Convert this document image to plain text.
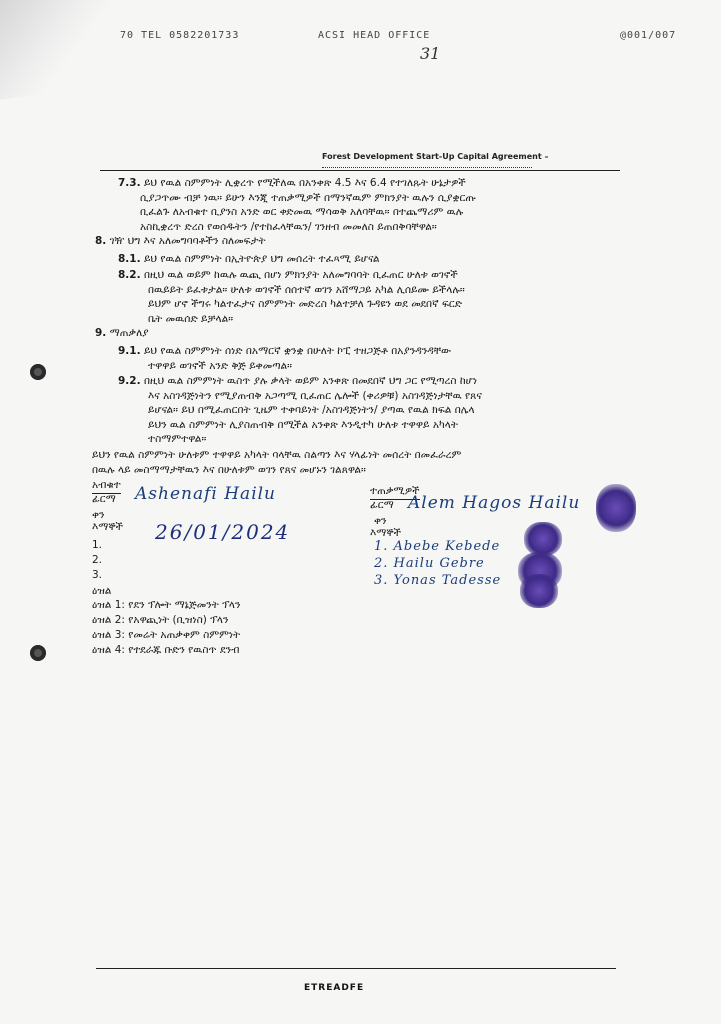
70 TEL 0582201733	ACSI HEAD OFFICE	@001/007
31
Forest Development Start-Up Capital Agreement –
7.3. ይህ የዉል ስምምነት ሊቋረጥ የሚችለዉ በአንቀጽ 4.5 እና 6.4 የተገለጹት ሁኔታዎች
ሲያጋጥሙ ብቻ ነዉ። ይሁን እንጂ ተጠቃሚዎች በማንኛዉም ምክንያት ዉሉን ሲያቋርጡ
ቢፈልጉ ለአብቁተ ቢያንስ አንድ ወር ቀድመዉ ማሳወቅ አለባቸዉ። በተጨማሪም ዉሉ
አስኪቋረጥ ድረስ የወሰዱትን /የተከፈላቸዉን/ ገንዘብ መመለስ ይጠበቅባቸዋል።
8. ገዥ ህግ እና አለመግባባቶችን ስለመፍታት
8.1. ይህ የዉል ስምምነት በኢትዮጵያ ህግ መሰረት ተፈጻሚ ይሆናል
8.2. በዚህ ዉል ወይም ከዉሉ ዉጪ በሆነ ምክንያት አለመግባባት ቢፈጠር ሁለቱ ወገኖች
በዉይይት ይፈቱታል። ሁለቱ ወገኖች ሰሰተኛ ወገን አሸማጋይ አካል ሊሰይሙ ይችላሉ።
ይህም ሆኖ ችግሩ ካልተፈታና ስምምነት መድረስ ካልተቻለ ጉዳዩን ወደ መደበኛ ፍርድ
ቤት መዉሰድ ይቻላል።
9. ማጠቃለያ
9.1. ይህ የዉል ስምምነት ሰነድ በአማርኛ ቋንቋ በሁለት ኮፒ ተዘጋጅቶ በአያንዳንዳቸው
ተዋዋይ ወገኖች አንድ ቅጅ ይቀመጣል።
9.2. በዚህ ዉል ስምምነት ዉስጥ ያሉ ቃላት ወይም አንቀጽ በመደበኛ ህግ ጋር የሚጣረስ ከሆነ
እና አስገዳጅነትን የሚያጠብቅ አጋጣሚ ቢፈጠር ሌሎች (ቀሪዎቹ) አስገዳጅነታቸዉ የጸና
ይሆናል። ይህ በሚፈጠርበት ጊዜም ተቀባይነት /አስገዳጅነትን/ ያጣዉ የዉል ክፍል በሌላ
ይህን ዉል ስምምነት ሊያስጠብቅ በሚችል አንቀጽ እንዲተካ ሁለቱ ተዋዋይ አካላት
ተስማምተዋል።
ይህን የዉል ስምምነት ሁለቱም ተዋዋይ አካላት ባላቸዉ ስልጣን እና ሃላፊነት መሰረት በመፈራረም
በዉሉ ላይ መስማማታቸዉን እና በሁለቱም ወገን የጸና መሆኑን ገልጸዋል።
አብቁተ
ፊርማ Ashenafi Hailu
ቀን
26/01/2024
እማኞች
1.
2.
3.
ተጠቃሚዎች
ፊርማ Alem Hagos Hailu
ቀን
እማኞች
1. Abebe Kebede
2. Hailu Gebre
3. Yonas Tadesse
ዕዝል
ዕዝል 1: የደን ፕሎት ማኔጅመንት ፕላን
ዕዝል 2: የአዋጪነት (ቢዝነስ) ፕላን
ዕዝል 3: የመሬት አጠቃቀም ስምምነት
ዕዝል 4: የተደራጁ ቡድን የዉስጥ ደንብ
ETREADFE
